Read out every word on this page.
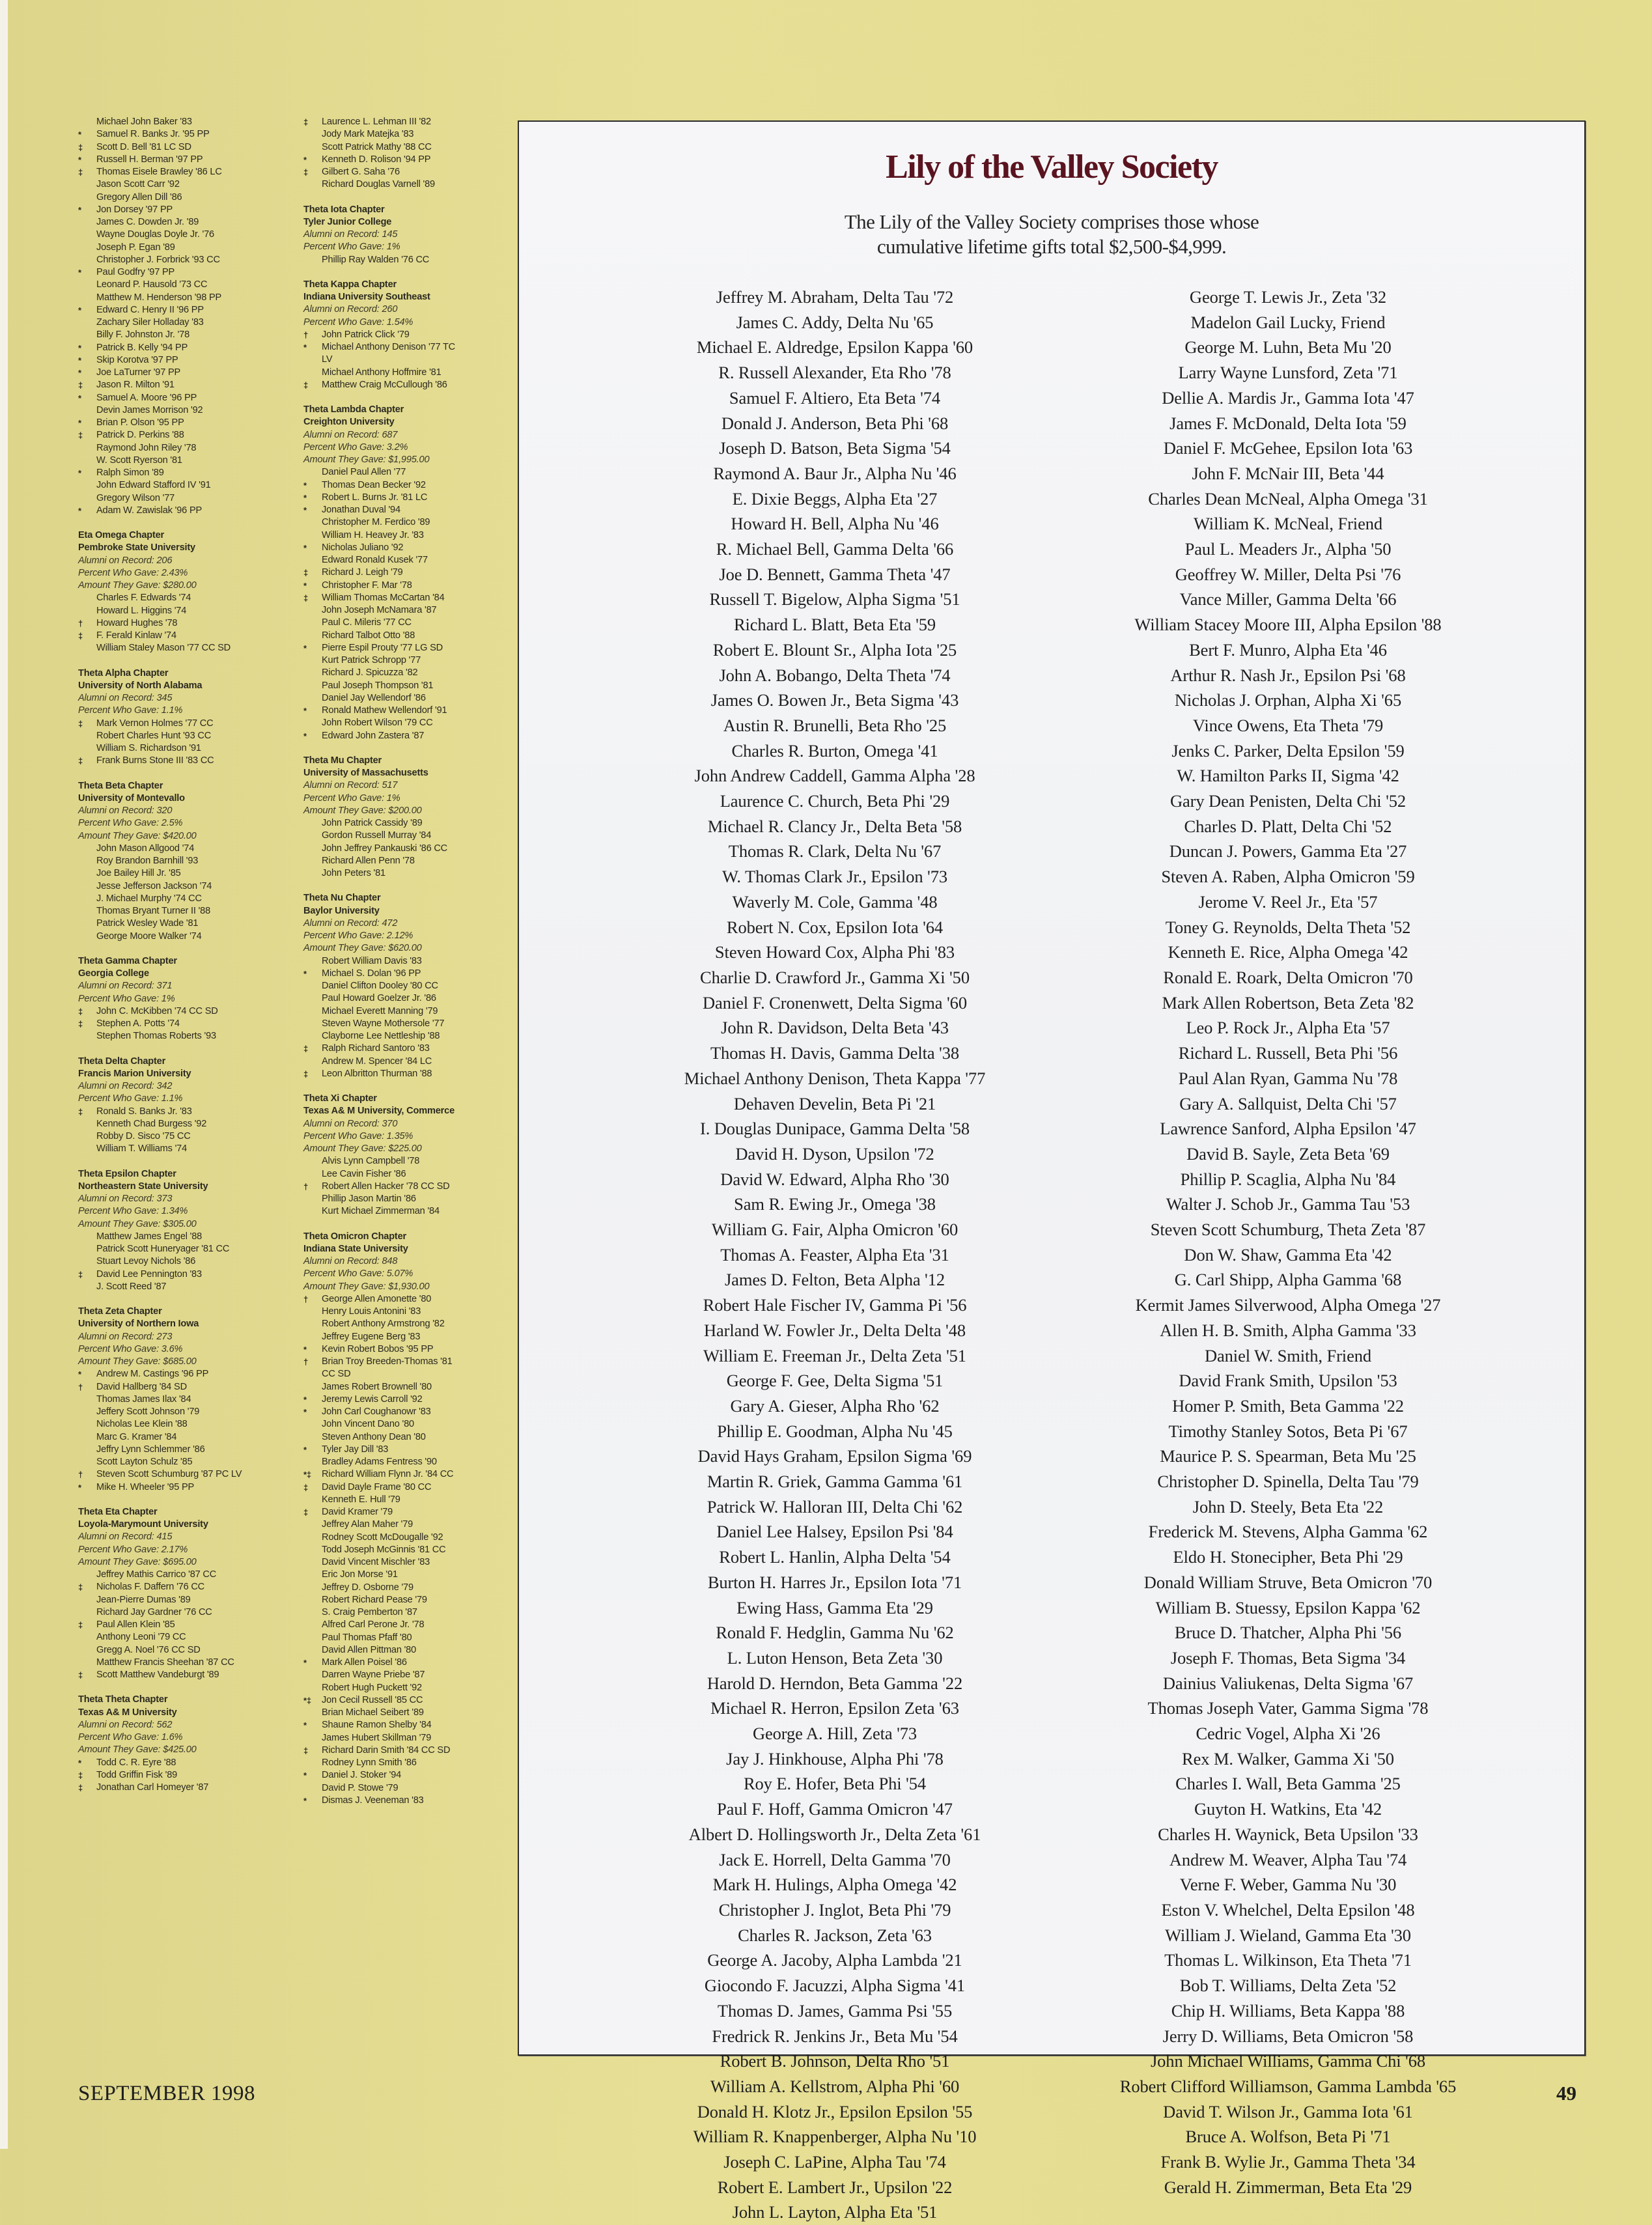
Michael John Baker '83
*	Samuel R. Banks Jr. '95 PP
‡	Scott D. Bell '81 LC SD
*	Russell H. Berman '97 PP
‡	Thomas Eisele Brawley '86 LC
Jason Scott Carr '92
Gregory Allen Dill '86
*	Jon Dorsey '97 PP
James C. Dowden Jr. '89
Wayne Douglas Doyle Jr. '76
Joseph P. Egan '89
Christopher J. Forbrick '93 CC
*	Paul Godfry '97 PP
Leonard P. Hausold '73 CC
Matthew M. Henderson '98 PP
*	Edward C. Henry II '96 PP
Zachary Siler Holladay '83
Billy F. Johnston Jr. '78
*	Patrick B. Kelly '94 PP
*	Skip Korotva '97 PP
*	Joe LaTurner '97 PP
‡	Jason R. Milton '91
*	Samuel A. Moore '96 PP
Devin James Morrison '92
*	Brian P. Olson '95 PP
‡	Patrick D. Perkins '88
Raymond John Riley '78
W. Scott Ryerson '81
*	Ralph Simon '89
John Edward Stafford IV '91
Gregory Wilson '77
*	Adam W. Zawislak '96 PP
Eta Omega Chapter
Pembroke State University
Alumni on Record: 206
Percent Who Gave: 2.43%
Amount They Gave: $280.00
Charles F. Edwards '74
Howard L. Higgins '74
†	Howard Hughes '78
‡	F. Ferald Kinlaw '74
William Staley Mason '77 CC SD
Theta Alpha Chapter
University of North Alabama
Alumni on Record: 345
Percent Who Gave: 1.1%
‡	Mark Vernon Holmes '77 CC
Robert Charles Hunt '93 CC
William S. Richardson '91
‡	Frank Burns Stone III '83 CC
Theta Beta Chapter
University of Montevallo
Alumni on Record: 320
Percent Who Gave: 2.5%
Amount They Gave: $420.00
John Mason Allgood '74
Roy Brandon Barnhill '93
Joe Bailey Hill Jr. '85
Jesse Jefferson Jackson '74
J. Michael Murphy '74 CC
Thomas Bryant Turner II '88
Patrick Wesley Wade '81
George Moore Walker '74
Theta Gamma Chapter
Georgia College
Alumni on Record: 371
Percent Who Gave: 1%
‡	John C. McKibben '74 CC SD
‡	Stephen A. Potts '74
Stephen Thomas Roberts '93
Theta Delta Chapter
Francis Marion University
Alumni on Record: 342
Percent Who Gave: 1.1%
‡	Ronald S. Banks Jr. '83
Kenneth Chad Burgess '92
Robby D. Sisco '75 CC
William T. Williams '74
Theta Epsilon Chapter
Northeastern State University
Alumni on Record: 373
Percent Who Gave: 1.34%
Amount They Gave: $305.00
Matthew James Engel '88
Patrick Scott Huneryager '81 CC
Stuart Levoy Nichols '86
‡	David Lee Pennington '83
J. Scott Reed '87
Theta Zeta Chapter
University of Northern Iowa
Alumni on Record: 273
Percent Who Gave: 3.6%
Amount They Gave: $685.00
*	Andrew M. Castings '96 PP
†	David Hallberg '84 SD
Thomas James Ilax '84
Jeffery Scott Johnson '79
Nicholas Lee Klein '88
Marc G. Kramer '84
Jeffry Lynn Schlemmer '86
Scott Layton Schulz '85
†	Steven Scott Schumburg '87 PC LV
*	Mike H. Wheeler '95 PP
Theta Eta Chapter
Loyola-Marymount University
Alumni on Record: 415
Percent Who Gave: 2.17%
Amount They Gave: $695.00
Jeffrey Mathis Carrico '87 CC
‡	Nicholas F. Daffern '76 CC
Jean-Pierre Dumas '89
Richard Jay Gardner '76 CC
‡	Paul Allen Klein '85
Anthony Leoni '79 CC
Gregg A. Noel '76 CC SD
Matthew Francis Sheehan '87 CC
‡	Scott Matthew Vandeburgt '89
Theta Theta Chapter
Texas A& M University
Alumni on Record: 562
Percent Who Gave: 1.6%
Amount They Gave: $425.00
*	Todd C. R. Eyre '88
‡	Todd Griffin Fisk '89
‡	Jonathan Carl Homeyer '87
‡	Laurence L. Lehman III '82
Jody Mark Matejka '83
Scott Patrick Mathy '88 CC
*	Kenneth D. Rolison '94 PP
‡	Gilbert G. Saha '76
Richard Douglas Varnell '89
Theta Iota Chapter
Tyler Junior College
Alumni on Record: 145
Percent Who Gave: 1%
Phillip Ray Walden '76 CC
Theta Kappa Chapter
Indiana University Southeast
Alumni on Record: 260
Percent Who Gave: 1.54%
†	John Patrick Click '79
*	Michael Anthony Denison '77 TC
LV
Michael Anthony Hoffmire '81
‡	Matthew Craig McCullough '86
Theta Lambda Chapter
Creighton University
Alumni on Record: 687
Percent Who Gave: 3.2%
Amount They Gave: $1,995.00
Daniel Paul Allen '77
*	Thomas Dean Becker '92
*	Robert L. Burns Jr. '81 LC
*	Jonathan Duval '94
Christopher M. Ferdico '89
William H. Heavey Jr. '83
*	Nicholas Juliano '92
Edward Ronald Kusek '77
‡	Richard J. Leigh '79
*	Christopher F. Mar '78
‡	William Thomas McCartan '84
John Joseph McNamara '87
Paul C. Mileris '77 CC
Richard Talbot Otto '88
*	Pierre Espil Prouty '77 LG SD
Kurt Patrick Schropp '77
Richard J. Spicuzza '82
Paul Joseph Thompson '81
Daniel Jay Wellendorf '86
*	Ronald Mathew Wellendorf '91
John Robert Wilson '79 CC
*	Edward John Zastera '87
Theta Mu Chapter
University of Massachusetts
Alumni on Record: 517
Percent Who Gave: 1%
Amount They Gave: $200.00
John Patrick Cassidy '89
Gordon Russell Murray '84
John Jeffrey Pankauski '86 CC
Richard Allen Penn '78
John Peters '81
Theta Nu Chapter
Baylor University
Alumni on Record: 472
Percent Who Gave: 2.12%
Amount They Gave: $620.00
Robert William Davis '83
*	Michael S. Dolan '96 PP
Daniel Clifton Dooley '80 CC
Paul Howard Goelzer Jr. '86
Michael Everett Manning '79
Steven Wayne Mothersole '77
Clayborne Lee Nettleship '88
‡	Ralph Richard Santoro '83
Andrew M. Spencer '84 LC
‡	Leon Albritton Thurman '88
Theta Xi Chapter
Texas A& M University, Commerce
Alumni on Record: 370
Percent Who Gave: 1.35%
Amount They Gave: $225.00
Alvis Lynn Campbell '78
Lee Cavin Fisher '86
†	Robert Allen Hacker '78 CC SD
Phillip Jason Martin '86
Kurt Michael Zimmerman '84
Theta Omicron Chapter
Indiana State University
Alumni on Record: 848
Percent Who Gave: 5.07%
Amount They Gave: $1,930.00
†	George Allen Amonette '80
Henry Louis Antonini '83
Robert Anthony Armstrong '82
Jeffrey Eugene Berg '83
*	Kevin Robert Bobos '95 PP
†	Brian Troy Breeden-Thomas '81
CC SD
James Robert Brownell '80
*	Jeremy Lewis Carroll '92
*	John Carl Coughanowr '83
John Vincent Dano '80
Steven Anthony Dean '80
*	Tyler Jay Dill '83
Bradley Adams Fentress '90
*‡	Richard William Flynn Jr. '84 CC
‡	David Dayle Frame '80 CC
Kenneth E. Hull '79
‡	David Kramer '79
Jeffrey Alan Maher '79
Rodney Scott McDougalle '92
Todd Joseph McGinnis '81 CC
David Vincent Mischler '83
Eric Jon Morse '91
Jeffrey D. Osborne '79
Robert Richard Pease '79
S. Craig Pemberton '87
Alfred Carl Perone Jr. '78
Paul Thomas Pfaff '80
David Allen Pittman '80
*	Mark Allen Poisel '86
Darren Wayne Priebe '87
Robert Hugh Puckett '92
*‡	Jon Cecil Russell '85 CC
Brian Michael Seibert '89
*	Shaune Ramon Shelby '84
James Hubert Skillman '79
‡	Richard Darin Smith '84 CC SD
Rodney Lynn Smith '86
*	Daniel J. Stoker '94
David P. Stowe '79
*	Dismas J. Veeneman '83
Lily of the Valley Society
The Lily of the Valley Society comprises those whose
cumulative lifetime gifts total $2,500-$4,999.
Jeffrey M. Abraham, Delta Tau '72
James C. Addy, Delta Nu '65
Michael E. Aldredge, Epsilon Kappa '60
R. Russell Alexander, Eta Rho '78
Samuel F. Altiero, Eta Beta '74
Donald J. Anderson, Beta Phi '68
Joseph D. Batson, Beta Sigma '54
Raymond A. Baur Jr., Alpha Nu '46
E. Dixie Beggs, Alpha Eta '27
Howard H. Bell, Alpha Nu '46
R. Michael Bell, Gamma Delta '66
Joe D. Bennett, Gamma Theta '47
Russell T. Bigelow, Alpha Sigma '51
Richard L. Blatt, Beta Eta '59
Robert E. Blount Sr., Alpha Iota '25
John A. Bobango, Delta Theta '74
James O. Bowen Jr., Beta Sigma '43
Austin R. Brunelli, Beta Rho '25
Charles R. Burton, Omega '41
John Andrew Caddell, Gamma Alpha '28
Laurence C. Church, Beta Phi '29
Michael R. Clancy Jr., Delta Beta '58
Thomas R. Clark, Delta Nu '67
W. Thomas Clark Jr., Epsilon '73
Waverly M. Cole, Gamma '48
Robert N. Cox, Epsilon Iota '64
Steven Howard Cox, Alpha Phi '83
Charlie D. Crawford Jr., Gamma Xi '50
Daniel F. Cronenwett, Delta Sigma '60
John R. Davidson, Delta Beta '43
Thomas H. Davis, Gamma Delta '38
Michael Anthony Denison, Theta Kappa '77
Dehaven Develin, Beta Pi '21
I. Douglas Dunipace, Gamma Delta '58
David H. Dyson, Upsilon '72
David W. Edward, Alpha Rho '30
Sam R. Ewing Jr., Omega '38
William G. Fair, Alpha Omicron '60
Thomas A. Feaster, Alpha Eta '31
James D. Felton, Beta Alpha '12
Robert Hale Fischer IV, Gamma Pi '56
Harland W. Fowler Jr., Delta Delta '48
William E. Freeman Jr., Delta Zeta '51
George F. Gee, Delta Sigma '51
Gary A. Gieser, Alpha Rho '62
Phillip E. Goodman, Alpha Nu '45
David Hays Graham, Epsilon Sigma '69
Martin R. Griek, Gamma Gamma '61
Patrick W. Halloran III, Delta Chi '62
Daniel Lee Halsey, Epsilon Psi '84
Robert L. Hanlin, Alpha Delta '54
Burton H. Harres Jr., Epsilon Iota '71
Ewing Hass, Gamma Eta '29
Ronald F. Hedglin, Gamma Nu '62
L. Luton Henson, Beta Zeta '30
Harold D. Herndon, Beta Gamma '22
Michael R. Herron, Epsilon Zeta '63
George A. Hill, Zeta '73
Jay J. Hinkhouse, Alpha Phi '78
Roy E. Hofer, Beta Phi '54
Paul F. Hoff, Gamma Omicron '47
Albert D. Hollingsworth Jr., Delta Zeta '61
Jack E. Horrell, Delta Gamma '70
Mark H. Hulings, Alpha Omega '42
Christopher J. Inglot, Beta Phi '79
Charles R. Jackson, Zeta '63
George A. Jacoby, Alpha Lambda '21
Giocondo F. Jacuzzi, Alpha Sigma '41
Thomas D. James, Gamma Psi '55
Fredrick R. Jenkins Jr., Beta Mu '54
Robert B. Johnson, Delta Rho '51
William A. Kellstrom, Alpha Phi '60
Donald H. Klotz Jr., Epsilon Epsilon '55
William R. Knappenberger, Alpha Nu '10
Joseph C. LaPine, Alpha Tau '74
Robert E. Lambert Jr., Upsilon '22
John L. Layton, Alpha Eta '51
George T. Lewis Jr., Zeta '32
Madelon Gail Lucky, Friend
George M. Luhn, Beta Mu '20
Larry Wayne Lunsford, Zeta '71
Dellie A. Mardis Jr., Gamma Iota '47
James F. McDonald, Delta Iota '59
Daniel F. McGehee, Epsilon Iota '63
John F. McNair III, Beta '44
Charles Dean McNeal, Alpha Omega '31
William K. McNeal, Friend
Paul L. Meaders Jr., Alpha '50
Geoffrey W. Miller, Delta Psi '76
Vance Miller, Gamma Delta '66
William Stacey Moore III, Alpha Epsilon '88
Bert F. Munro, Alpha Eta '46
Arthur R. Nash Jr., Epsilon Psi '68
Nicholas J. Orphan, Alpha Xi '65
Vince Owens, Eta Theta '79
Jenks C. Parker, Delta Epsilon '59
W. Hamilton Parks II, Sigma '42
Gary Dean Penisten, Delta Chi '52
Charles D. Platt, Delta Chi '52
Duncan J. Powers, Gamma Eta '27
Steven A. Raben, Alpha Omicron '59
Jerome V. Reel Jr., Eta '57
Toney G. Reynolds, Delta Theta '52
Kenneth E. Rice, Alpha Omega '42
Ronald E. Roark, Delta Omicron '70
Mark Allen Robertson, Beta Zeta '82
Leo P. Rock Jr., Alpha Eta '57
Richard L. Russell, Beta Phi '56
Paul Alan Ryan, Gamma Nu '78
Gary A. Sallquist, Delta Chi '57
Lawrence Sanford, Alpha Epsilon '47
David B. Sayle, Zeta Beta '69
Phillip P. Scaglia, Alpha Nu '84
Walter J. Schob Jr., Gamma Tau '53
Steven Scott Schumburg, Theta Zeta '87
Don W. Shaw, Gamma Eta '42
G. Carl Shipp, Alpha Gamma '68
Kermit James Silverwood, Alpha Omega '27
Allen H. B. Smith, Alpha Gamma '33
Daniel W. Smith, Friend
David Frank Smith, Upsilon '53
Homer P. Smith, Beta Gamma '22
Timothy Stanley Sotos, Beta Pi '67
Maurice P. S. Spearman, Beta Mu '25
Christopher D. Spinella, Delta Tau '79
John D. Steely, Beta Eta '22
Frederick M. Stevens, Alpha Gamma '62
Eldo H. Stonecipher, Beta Phi '29
Donald William Struve, Beta Omicron '70
William B. Stuessy, Epsilon Kappa '62
Bruce D. Thatcher, Alpha Phi '56
Joseph F. Thomas, Beta Sigma '34
Dainius Valiukenas, Delta Sigma '67
Thomas Joseph Vater, Gamma Sigma '78
Cedric Vogel, Alpha Xi '26
Rex M. Walker, Gamma Xi '50
Charles I. Wall, Beta Gamma '25
Guyton H. Watkins, Eta '42
Charles H. Waynick, Beta Upsilon '33
Andrew M. Weaver, Alpha Tau '74
Verne F. Weber, Gamma Nu '30
Eston V. Whelchel, Delta Epsilon '48
William J. Wieland, Gamma Eta '30
Thomas L. Wilkinson, Eta Theta '71
Bob T. Williams, Delta Zeta '52
Chip H. Williams, Beta Kappa '88
Jerry D. Williams, Beta Omicron '58
John Michael Williams, Gamma Chi '68
Robert Clifford Williamson, Gamma Lambda '65
David T. Wilson Jr., Gamma Iota '61
Bruce A. Wolfson, Beta Pi '71
Frank B. Wylie Jr., Gamma Theta '34
Gerald H. Zimmerman, Beta Eta '29
SEPTEMBER 1998	49
